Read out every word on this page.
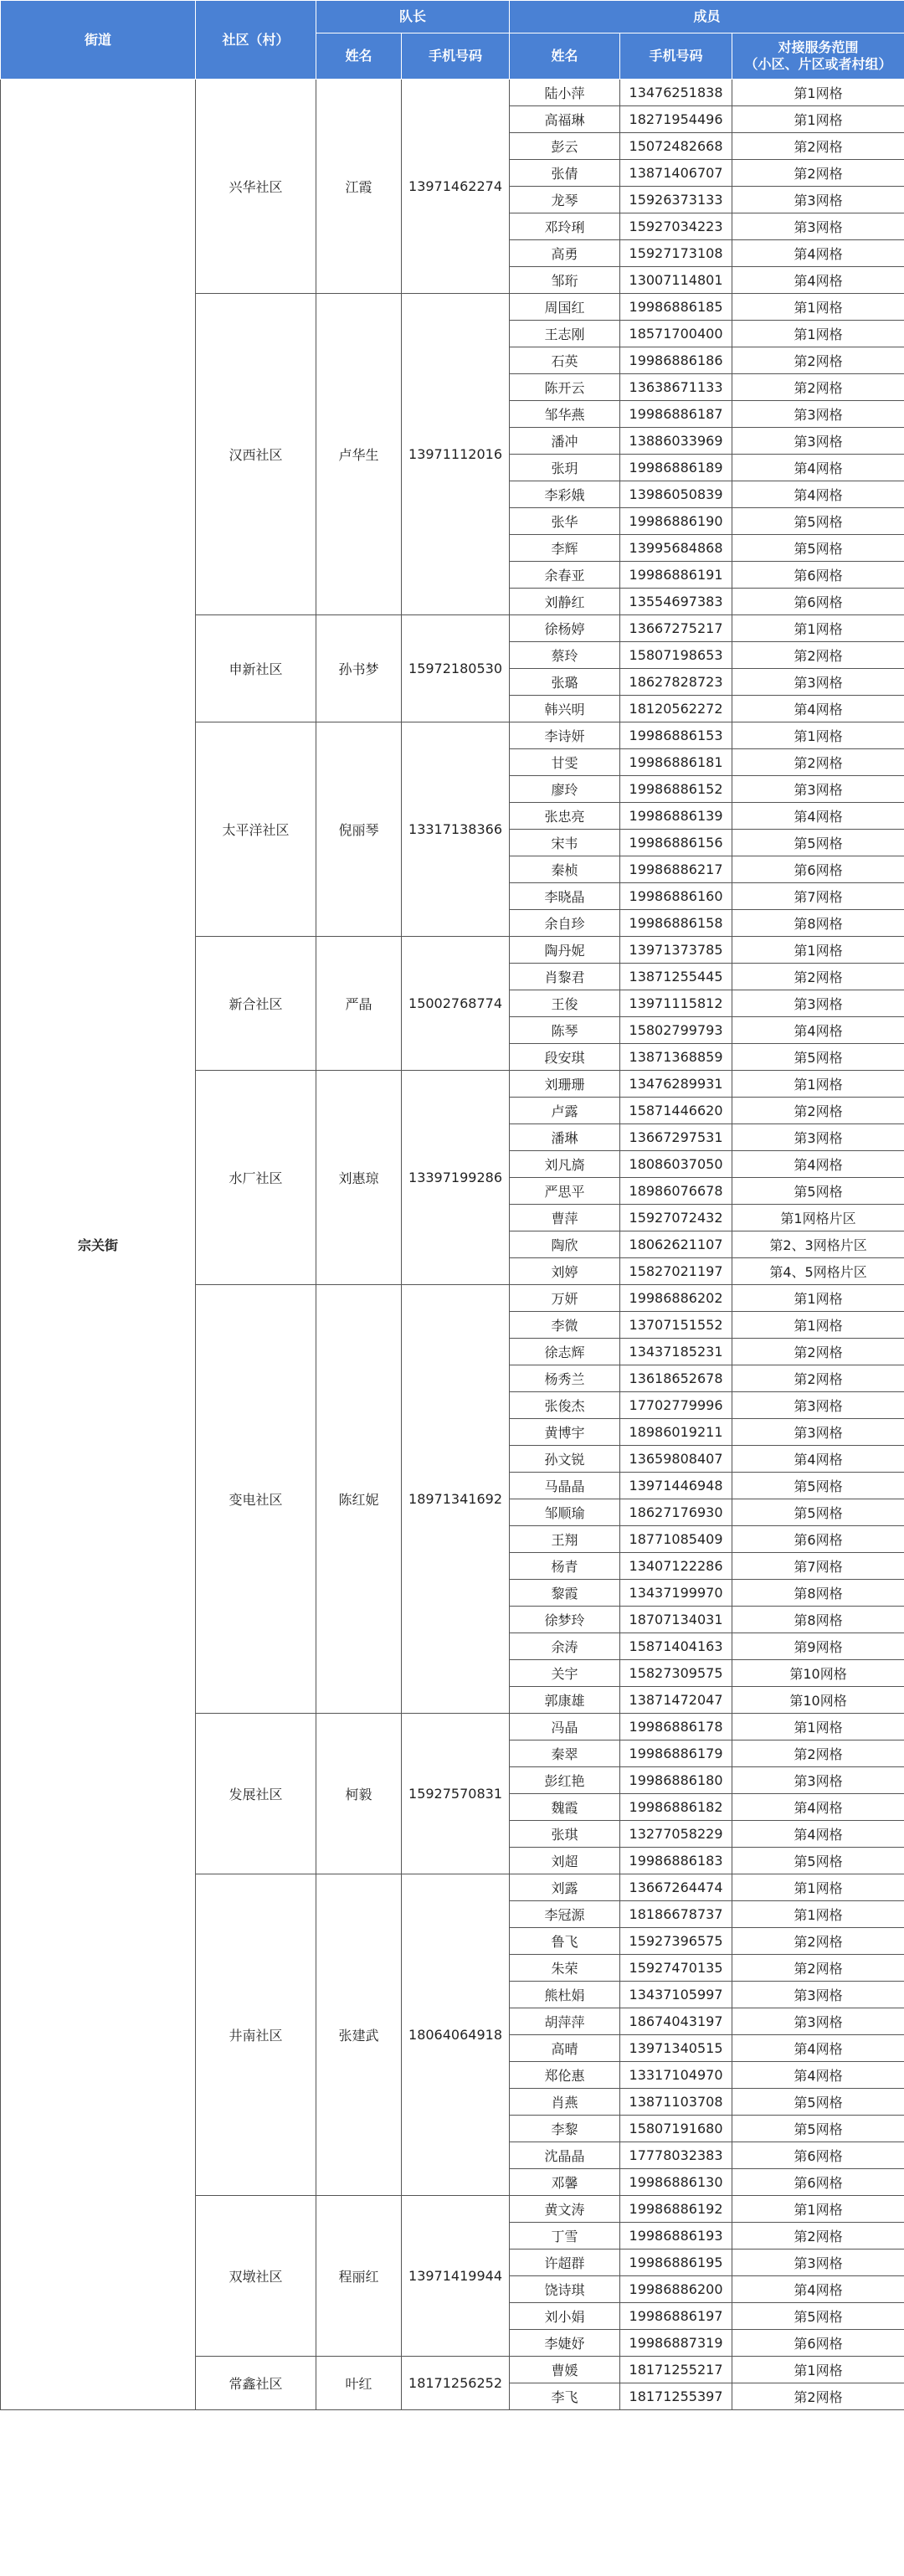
街道	社区（村）	队长		成员		
		姓名	手机号码	姓名	手机号码	对接服务范围
（小区、片区或者村组）
宗关街	兴华社区	江霞	13971462274	陆小萍	13476251838	第1网格
				高福琳	18271954496	第1网格
				彭云	15072482668	第2网格
				张倩	13871406707	第2网格
				龙琴	15926373133	第3网格
				邓玲琍	15927034223	第3网格
				高勇	15927173108	第4网格
				邹珩	13007114801	第4网格
	汉西社区	卢华生	13971112016	周国红	19986886185	第1网格
				王志刚	18571700400	第1网格
				石英	19986886186	第2网格
				陈开云	13638671133	第2网格
				邹华燕	19986886187	第3网格
				潘冲	13886033969	第3网格
				张玥	19986886189	第4网格
				李彩娥	13986050839	第4网格
				张华	19986886190	第5网格
				李辉	13995684868	第5网格
				余春亚	19986886191	第6网格
				刘静红	13554697383	第6网格
	申新社区	孙书梦	15972180530	徐杨婷	13667275217	第1网格
				蔡玲	15807198653	第2网格
				张璐	18627828723	第3网格
				韩兴明	18120562272	第4网格
	太平洋社区	倪丽琴	13317138366	李诗妍	19986886153	第1网格
				甘雯	19986886181	第2网格
				廖玲	19986886152	第3网格
				张忠亮	19986886139	第4网格
				宋韦	19986886156	第5网格
				秦桢	19986886217	第6网格
				李晓晶	19986886160	第7网格
				余自珍	19986886158	第8网格
	新合社区	严晶	15002768774	陶丹妮	13971373785	第1网格
				肖黎君	13871255445	第2网格
				王俊	13971115812	第3网格
				陈琴	15802799793	第4网格
				段安琪	13871368859	第5网格
	水厂社区	刘惠琼	13397199286	刘珊珊	13476289931	第1网格
				卢露	15871446620	第2网格
				潘琳	13667297531	第3网格
				刘凡旖	18086037050	第4网格
				严思平	18986076678	第5网格
				曹萍	15927072432	第1网格片区
				陶欣	18062621107	第2、3网格片区
				刘婷	15827021197	第4、5网格片区
	变电社区	陈红妮	18971341692	万妍	19986886202	第1网格
				李微	13707151552	第1网格
				徐志辉	13437185231	第2网格
				杨秀兰	13618652678	第2网格
				张俊杰	17702779996	第3网格
				黄博宇	18986019211	第3网格
				孙文锐	13659808407	第4网格
				马晶晶	13971446948	第5网格
				邹顺瑜	18627176930	第5网格
				王翔	18771085409	第6网格
				杨青	13407122286	第7网格
				黎霞	13437199970	第8网格
				徐梦玲	18707134031	第8网格
				余涛	15871404163	第9网格
				关宇	15827309575	第10网格
				郭康雄	13871472047	第10网格
	发展社区	柯毅	15927570831	冯晶	19986886178	第1网格
				秦翠	19986886179	第2网格
				彭红艳	19986886180	第3网格
				魏霞	19986886182	第4网格
				张琪	13277058229	第4网格
				刘超	19986886183	第5网格
	井南社区	张建武	18064064918	刘露	13667264474	第1网格
				李冠源	18186678737	第1网格
				鲁飞	15927396575	第2网格
				朱荣	15927470135	第2网格
				熊杜娟	13437105997	第3网格
				胡萍萍	18674043197	第3网格
				高晴	13971340515	第4网格
				郑伦惠	13317104970	第4网格
				肖燕	13871103708	第5网格
				李黎	15807191680	第5网格
				沈晶晶	17778032383	第6网格
				邓馨	19986886130	第6网格
	双墩社区	程丽红	13971419944	黄文涛	19986886192	第1网格
				丁雪	19986886193	第2网格
				许超群	19986886195	第3网格
				饶诗琪	19986886200	第4网格
				刘小娟	19986886197	第5网格
				李婕妤	19986887319	第6网格
	常鑫社区	叶红	18171256252	曹媛	18171255217	第1网格
				李飞	18171255397	第2网格
